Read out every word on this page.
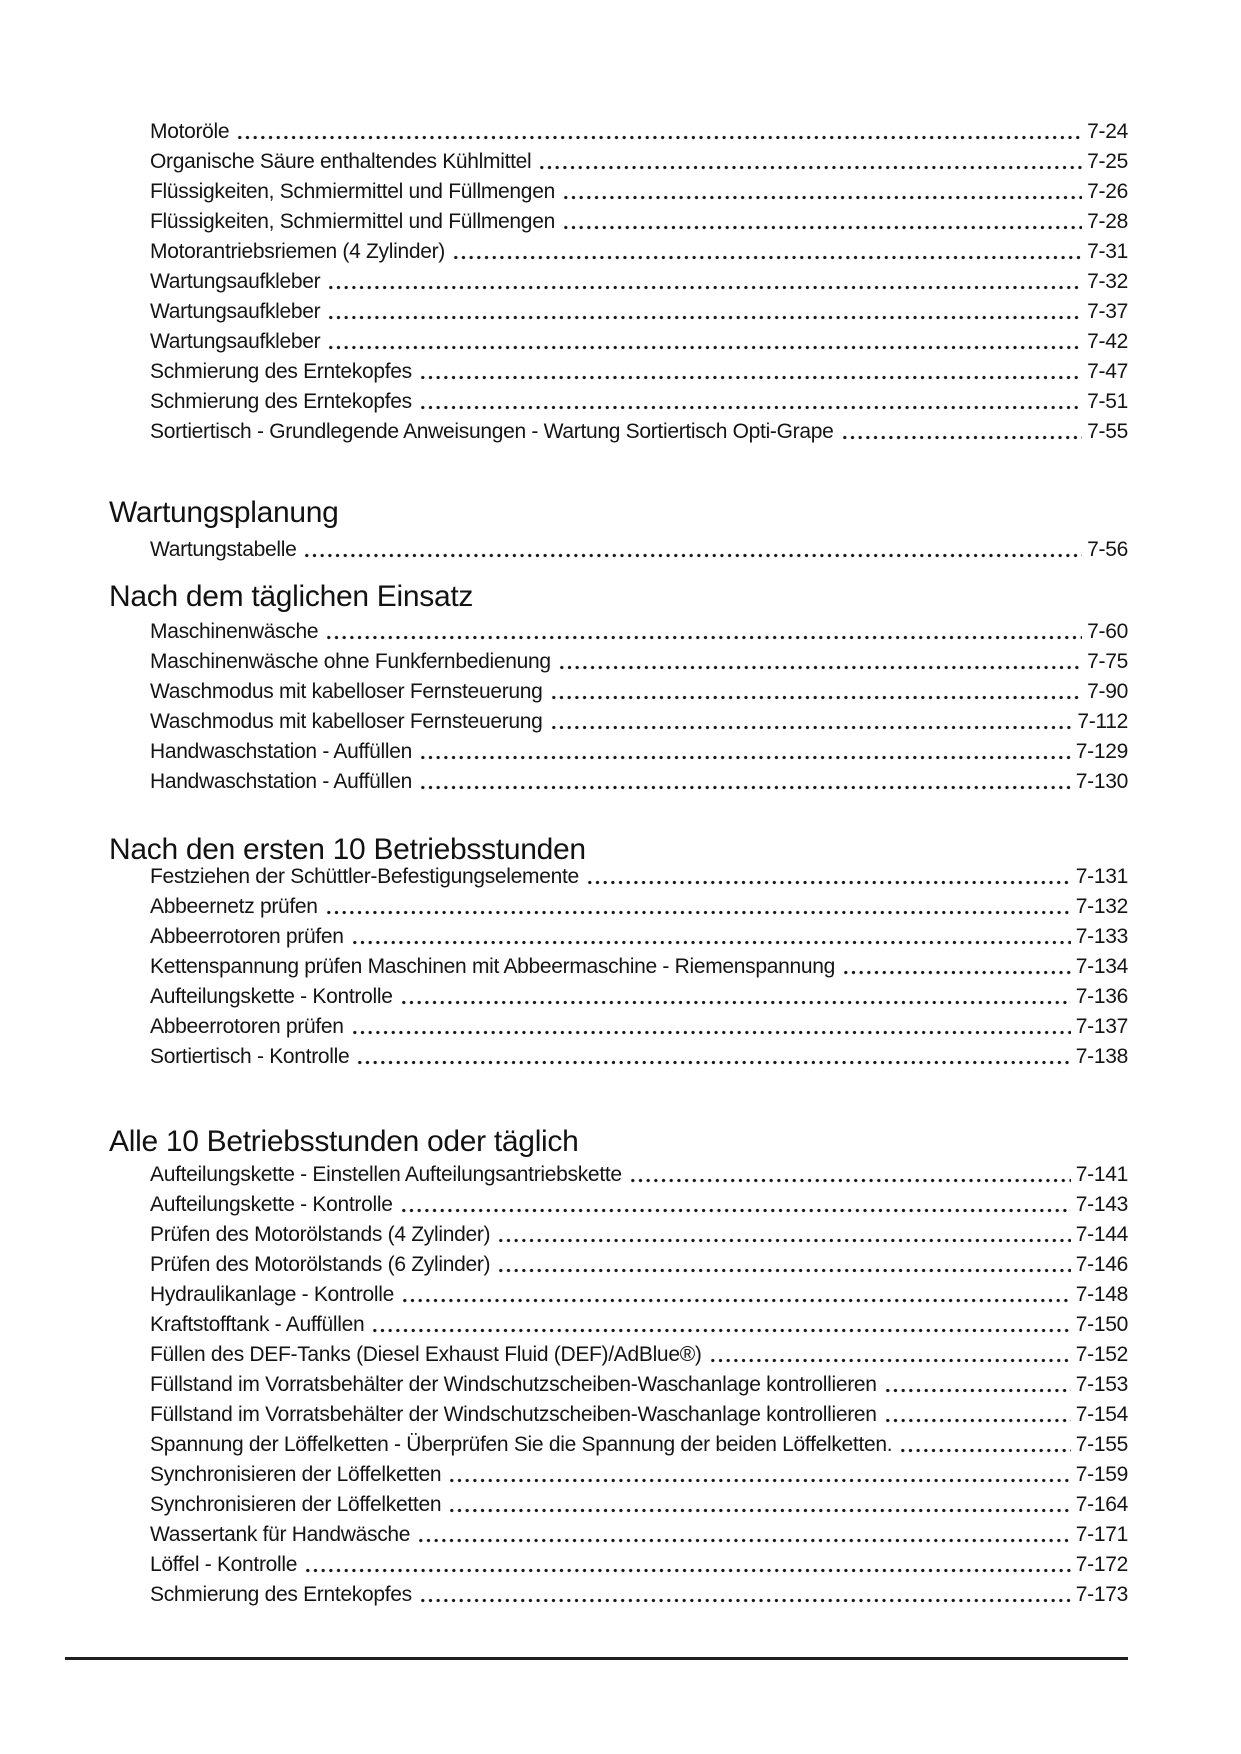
Motoröle	7-24
Organische Säure enthaltendes Kühlmittel	7-25
Flüssigkeiten, Schmiermittel und Füllmengen	7-26
Flüssigkeiten, Schmiermittel und Füllmengen	7-28
Motorantriebsriemen (4 Zylinder)	7-31
Wartungsaufkleber	7-32
Wartungsaufkleber	7-37
Wartungsaufkleber	7-42
Schmierung des Erntekopfes	7-47
Schmierung des Erntekopfes	7-51
Sortiertisch - Grundlegende Anweisungen - Wartung Sortiertisch Opti-Grape	7-55
Wartungsplanung
Wartungstabelle	7-56
Nach dem täglichen Einsatz
Maschinenwäsche	7-60
Maschinenwäsche ohne Funkfernbedienung	7-75
Waschmodus mit kabelloser Fernsteuerung	7-90
Waschmodus mit kabelloser Fernsteuerung	7-112
Handwaschstation - Auffüllen	7-129
Handwaschstation - Auffüllen	7-130
Nach den ersten 10 Betriebsstunden
Festziehen der Schüttler-Befestigungselemente	7-131
Abbeernetz prüfen	7-132
Abbeerrotoren prüfen	7-133
Kettenspannung prüfen Maschinen mit Abbeermaschine - Riemenspannung	7-134
Aufteilungskette - Kontrolle	7-136
Abbeerrotoren prüfen	7-137
Sortiertisch - Kontrolle	7-138
Alle 10 Betriebsstunden oder täglich
Aufteilungskette - Einstellen Aufteilungsantriebskette	7-141
Aufteilungskette - Kontrolle	7-143
Prüfen des Motorölstands (4 Zylinder)	7-144
Prüfen des Motorölstands (6 Zylinder)	7-146
Hydraulikanlage - Kontrolle	7-148
Kraftstofftank - Auffüllen	7-150
Füllen des DEF-Tanks (Diesel Exhaust Fluid (DEF)/AdBlue®)	7-152
Füllstand im Vorratsbehälter der Windschutzscheiben-Waschanlage kontrollieren	7-153
Füllstand im Vorratsbehälter der Windschutzscheiben-Waschanlage kontrollieren	7-154
Spannung der Löffelketten - Überprüfen Sie die Spannung der beiden Löffelketten.	7-155
Synchronisieren der Löffelketten	7-159
Synchronisieren der Löffelketten	7-164
Wassertank für Handwäsche	7-171
Löffel - Kontrolle	7-172
Schmierung des Erntekopfes	7-173
